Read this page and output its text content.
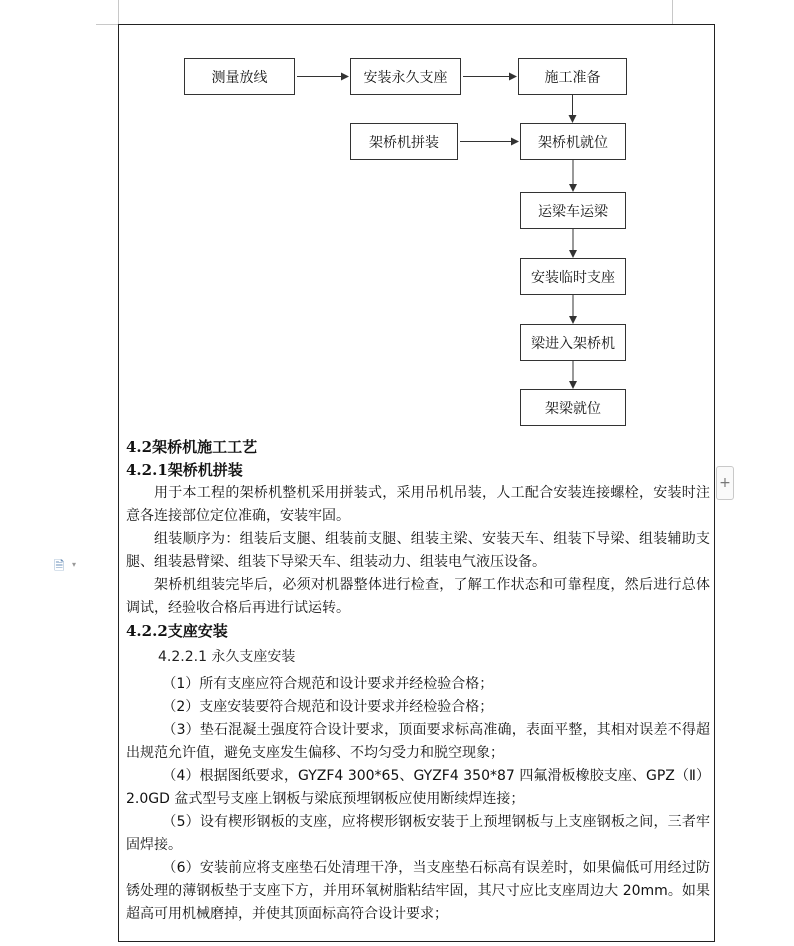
测量放线	安装永久支座	施工准备
架桥机拼装	架桥机就位
运梁车运梁
安装临时支座
梁进入架桥机
架梁就位
4.2架桥机施工工艺
4.2.1架桥机拼装
用于本工程的架桥机整机采用拼装式，采用吊机吊装，人工配合安装连接螺栓，安装时注意各连接部位定位准确，安装牢固。
组装顺序为：组装后支腿、组装前支腿、组装主梁、安装天车、组装下导梁、组装辅助支腿、组装悬臂梁、组装下导梁天车、组装动力、组装电气液压设备。
架桥机组装完毕后，必须对机器整体进行检查，了解工作状态和可靠程度，然后进行总体调试，经验收合格后再进行试运转。
4.2.2支座安装
4.2.2.1 永久支座安装
（1）所有支座应符合规范和设计要求并经检验合格；
（2）支座安装要符合规范和设计要求并经检验合格；
（3）垫石混凝土强度符合设计要求，顶面要求标高准确，表面平整，其相对误差不得超出规范允许值，避免支座发生偏移、不均匀受力和脱空现象；
（4）根据图纸要求，GYZF4 300*65、GYZF4 350*87 四氟滑板橡胶支座、GPZ（Ⅱ）2.0GD 盆式型号支座上钢板与梁底预埋钢板应使用断续焊连接；
（5）设有楔形钢板的支座，应将楔形钢板安装于上预埋钢板与上支座钢板之间，三者牢固焊接。
（6）安装前应将支座垫石处清理干净，当支座垫石标高有误差时，如果偏低可用经过防锈处理的薄钢板垫于支座下方，并用环氧树脂粘结牢固，其尺寸应比支座周边大 20mm。如果超高可用机械磨掉，并使其顶面标高符合设计要求；
🗎 ▾
+
